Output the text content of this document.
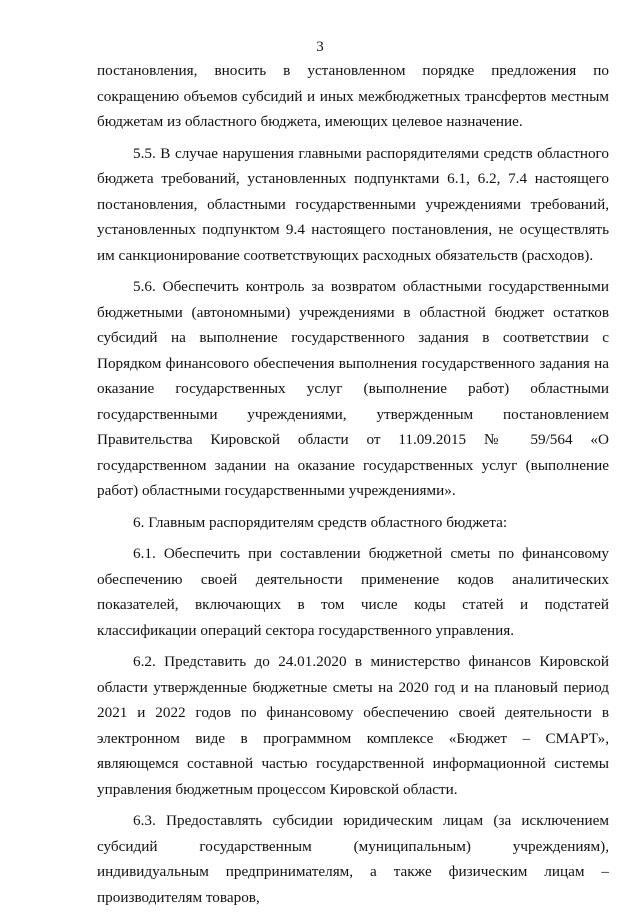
3

постановления, вносить в установленном порядке предложения по сокращению объемов субсидий и иных межбюджетных трансфертов местным бюджетам из областного бюджета, имеющих целевое назначение.

5.5. В случае нарушения главными распорядителями средств областного бюджета требований, установленных подпунктами 6.1, 6.2, 7.4 настоящего постановления, областными государственными учреждениями требований, установленных подпунктом 9.4 настоящего постановления, не осуществлять им санкционирование соответствующих расходных обязательств (расходов).

5.6. Обеспечить контроль за возвратом областными государственными бюджетными (автономными) учреждениями в областной бюджет остатков субсидий на выполнение государственного задания в соответствии с Порядком финансового обеспечения выполнения государственного задания на оказание государственных услуг (выполнение работ) областными государственными учреждениями, утвержденным постановлением Правительства Кировской области от 11.09.2015 № 59/564 «О государственном задании на оказание государственных услуг (выполнение работ) областными государственными учреждениями».

6. Главным распорядителям средств областного бюджета:

6.1. Обеспечить при составлении бюджетной сметы по финансовому обеспечению своей деятельности применение кодов аналитических показателей, включающих в том числе коды статей и подстатей классификации операций сектора государственного управления.

6.2. Представить до 24.01.2020 в министерство финансов Кировской области утвержденные бюджетные сметы на 2020 год и на плановый период 2021 и 2022 годов по финансовому обеспечению своей деятельности в электронном виде в программном комплексе «Бюджет – СМАРТ», являющемся составной частью государственной информационной системы управления бюджетным процессом Кировской области.

6.3. Предоставлять субсидии юридическим лицам (за исключением субсидий государственным (муниципальным) учреждениям), индивидуальным предпринимателям, а также физическим лицам – производителям товаров,
